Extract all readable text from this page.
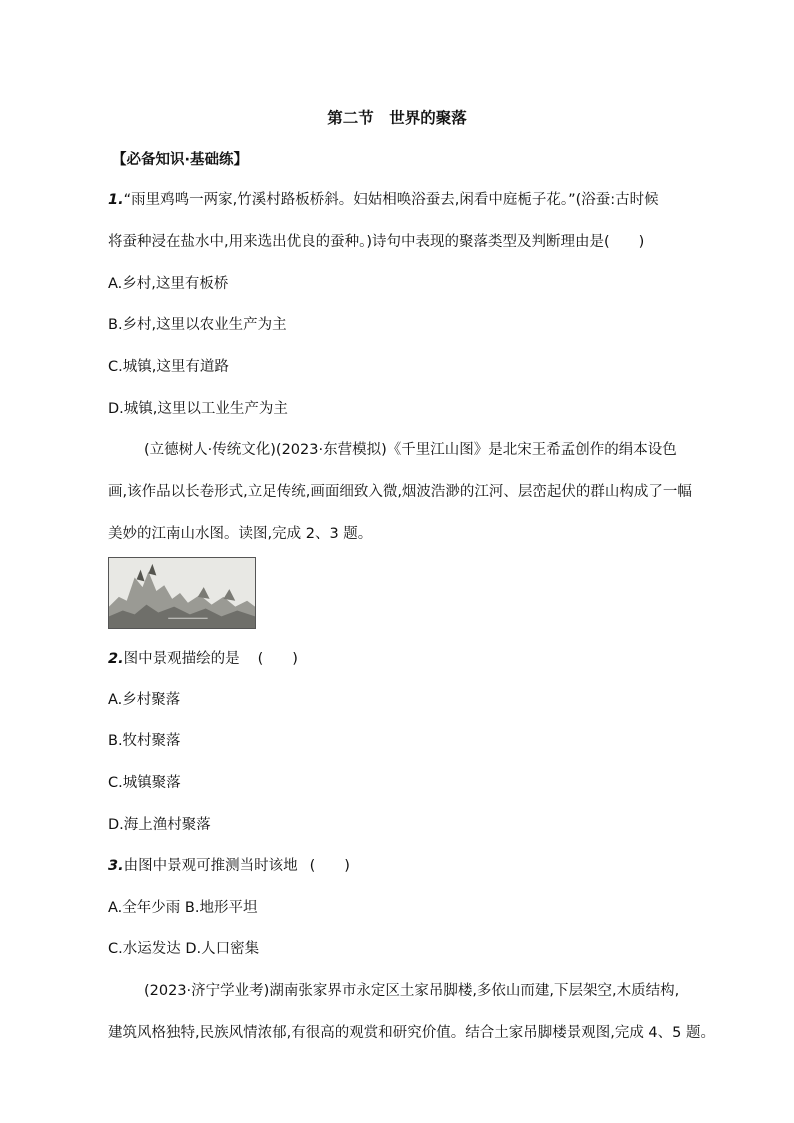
第二节　世界的聚落
【必备知识·基础练】
1.“雨里鸡鸣一两家,竹溪村路板桥斜。妇姑相唤浴蚕去,闲看中庭栀子花。”(浴蚕:古时候
将蚕种浸在盐水中,用来选出优良的蚕种。)诗句中表现的聚落类型及判断理由是(　　)
A.乡村,这里有板桥
B.乡村,这里以农业生产为主
C.城镇,这里有道路
D.城镇,这里以工业生产为主
(立德树人·传统文化)(2023·东营模拟)《千里江山图》是北宋王希孟创作的绢本设色
画,该作品以长卷形式,立足传统,画面细致入微,烟波浩渺的江河、层峦起伏的群山构成了一幅
美妙的江南山水图。读图,完成 2、3 题。
2.图中景观描绘的是 (　　)
A.乡村聚落
B.牧村聚落
C.城镇聚落
D.海上渔村聚落
3.由图中景观可推测当时该地 (　　)
A.全年少雨 B.地形平坦
C.水运发达 D.人口密集
(2023·济宁学业考)湖南张家界市永定区土家吊脚楼,多依山而建,下层架空,木质结构,
建筑风格独特,民族风情浓郁,有很高的观赏和研究价值。结合土家吊脚楼景观图,完成 4、5 题。
